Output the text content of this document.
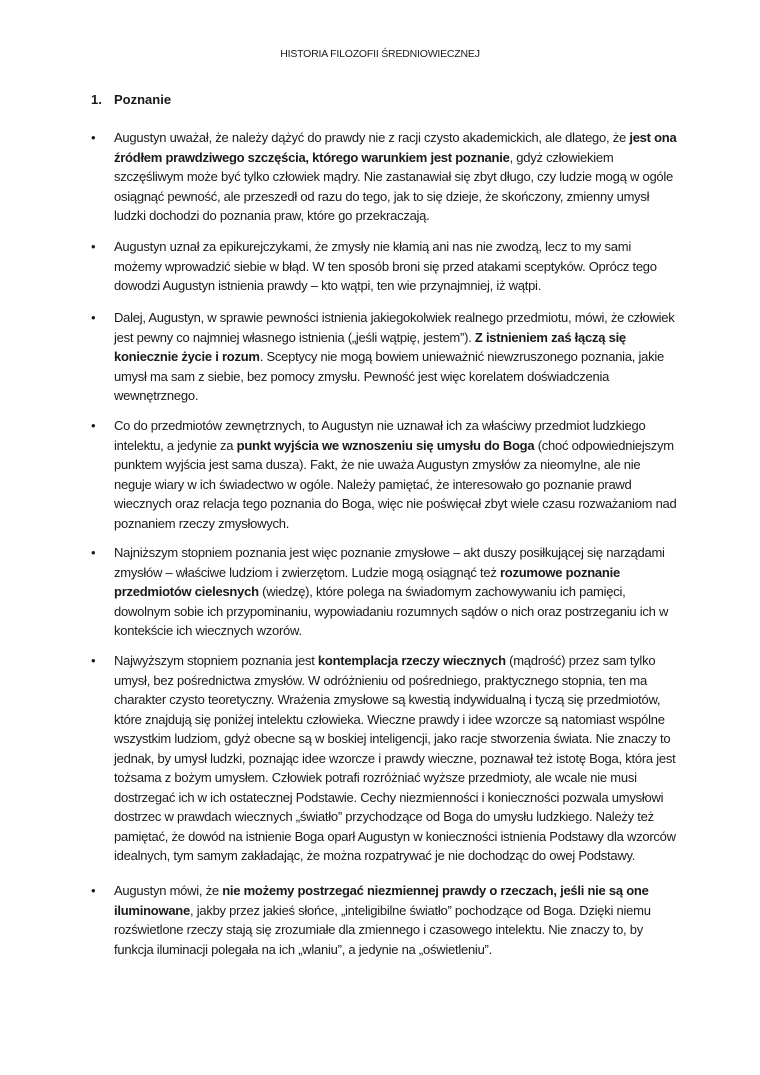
HISTORIA FILOZOFII ŚREDNIOWIECZNEJ
1. Poznanie
• Augustyn uważał, że należy dążyć do prawdy nie z racji czysto akademickich, ale dlatego, że jest ona źródłem prawdziwego szczęścia, którego warunkiem jest poznanie, gdyż człowiekiem szczęśliwym może być tylko człowiek mądry. Nie zastanawiał się zbyt długo, czy ludzie mogą w ogóle osiągnąć pewność, ale przeszedł od razu do tego, jak to się dzieje, że skończony, zmienny umysł ludzki dochodzi do poznania praw, które go przekraczają.
• Augustyn uznał za epikurejczykami, że zmysły nie kłamią ani nas nie zwodzą, lecz to my sami możemy wprowadzić siebie w błąd. W ten sposób broni się przed atakami sceptyków. Oprócz tego dowodzi Augustyn istnienia prawdy – kto wątpi, ten wie przynajmniej, iż wątpi.
• Dalej, Augustyn, w sprawie pewności istnienia jakiegokolwiek realnego przedmiotu, mówi, że człowiek jest pewny co najmniej własnego istnienia („jeśli wątpię, jestem”). Z istnieniem zaś łączą się koniecznie życie i rozum. Sceptycy nie mogą bowiem unieważnić niewzruszonego poznania, jakie umysł ma sam z siebie, bez pomocy zmysłu. Pewność jest więc korelatem doświadczenia wewnętrznego.
• Co do przedmiotów zewnętrznych, to Augustyn nie uznawał ich za właściwy przedmiot ludzkiego intelektu, a jedynie za punkt wyjścia we wznoszeniu się umysłu do Boga (choć odpowiedniejszym punktem wyjścia jest sama dusza). Fakt, że nie uważa Augustyn zmysłów za nieomylne, ale nie neguje wiary w ich świadectwo w ogóle. Należy pamiętać, że interesowało go poznanie prawd wiecznych oraz relacja tego poznania do Boga, więc nie poświęcał zbyt wiele czasu rozważaniom nad poznaniem rzeczy zmysłowych.
• Najniższym stopniem poznania jest więc poznanie zmysłowe – akt duszy posiłkującej się narządami zmysłów – właściwe ludziom i zwierzętom. Ludzie mogą osiągnąć też rozumowe poznanie przedmiotów cielesnych (wiedzę), które polega na świadomym zachowywaniu ich pamięci, dowolnym sobie ich przypominaniu, wypowiadaniu rozumnych sądów o nich oraz postrzeganiu ich w kontekście ich wiecznych wzorów.
• Najwyższym stopniem poznania jest kontemplacja rzeczy wiecznych (mądrość) przez sam tylko umysł, bez pośrednictwa zmysłów. W odróżnieniu od pośredniego, praktycznego stopnia, ten ma charakter czysto teoretyczny. Wrażenia zmysłowe są kwestią indywidualną i tyczą się przedmiotów, które znajdują się poniżej intelektu człowieka. Wieczne prawdy i idee wzorcze są natomiast wspólne wszystkim ludziom, gdyż obecne są w boskiej inteligencji, jako racje stworzenia świata. Nie znaczy to jednak, by umysł ludzki, poznając idee wzorcze i prawdy wieczne, poznawał też istotę Boga, która jest tożsama z bożym umysłem. Człowiek potrafi rozróżniać wyższe przedmioty, ale wcale nie musi dostrzegać ich w ich ostatecznej Podstawie. Cechy niezmienności i konieczności pozwala umysłowi dostrzec w prawdach wiecznych „światło” przychodzące od Boga do umysłu ludzkiego. Należy też pamiętać, że dowód na istnienie Boga oparł Augustyn w konieczności istnienia Podstawy dla wzorców idealnych, tym samym zakładając, że można rozpatrywać je nie dochodząc do owej Podstawy.
• Augustyn mówi, że nie możemy postrzegać niezmiennej prawdy o rzeczach, jeśli nie są one iluminowane, jakby przez jakieś słońce, „inteligibilne światło” pochodzące od Boga. Dzięki niemu rozświetlone rzeczy stają się zrozumiałe dla zmiennego i czasowego intelektu. Nie znaczy to, by funkcja iluminacji polegała na ich „wlaniu”, a jedynie na „oświetleniu”.
